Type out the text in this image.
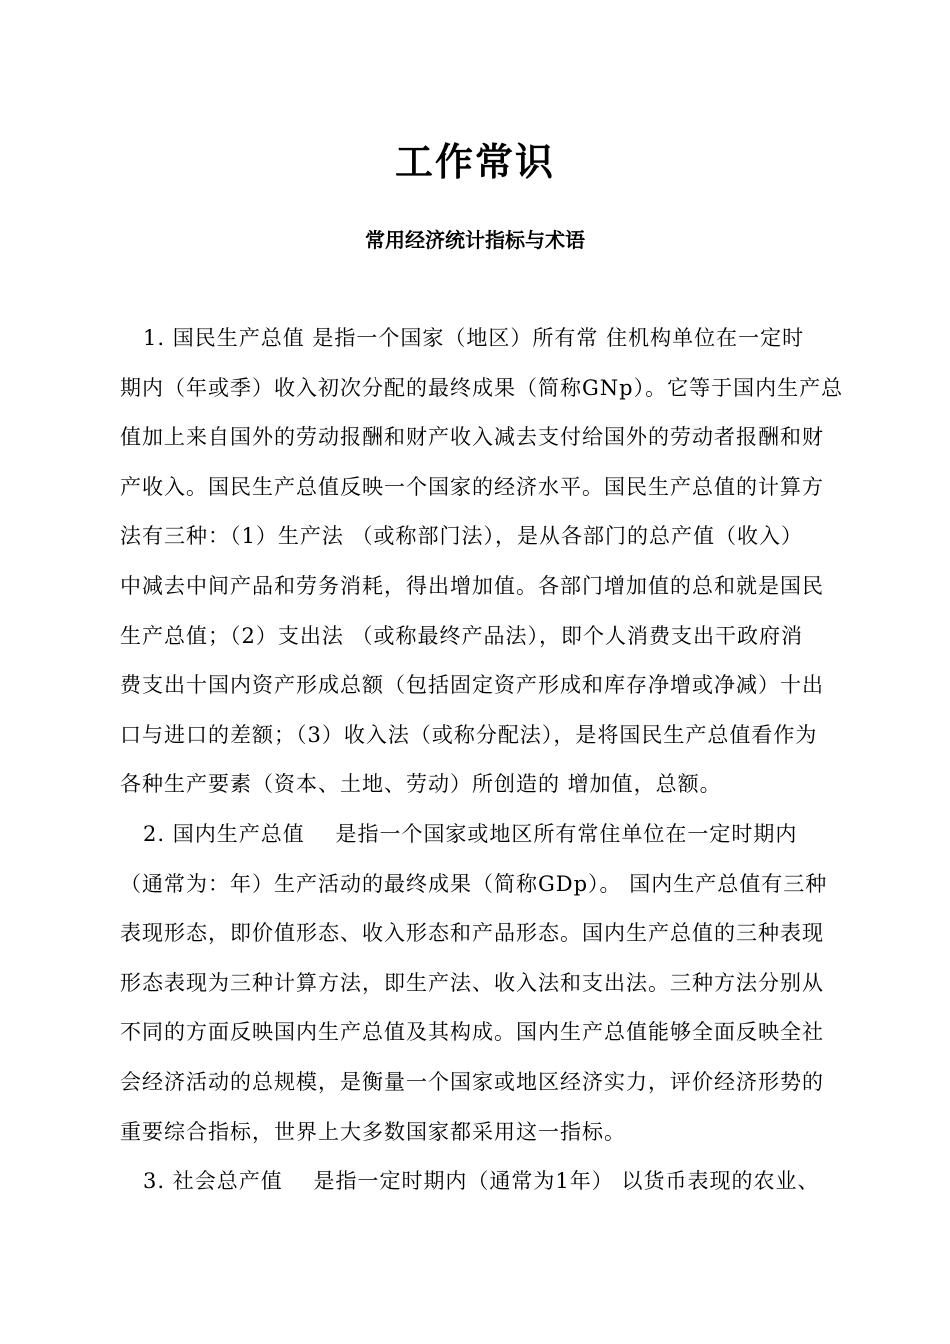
工作常识
常用经济统计指标与术语
1. 国民生产总值 是指一个国家（地区）所有常 住机构单位在一定时
期内（年或季）收入初次分配的最终成果（简称GNp）。它等于国内生产总
值加上来自国外的劳动报酬和财产收入减去支付给国外的劳动者报酬和财
产收入。国民生产总值反映一个国家的经济水平。国民生产总值的计算方
法有三种：（1）生产法 （或称部门法），是从各部门的总产值（收入）
中减去中间产品和劳务消耗，得出增加值。各部门增加值的总和就是国民
生产总值；（2）支出法 （或称最终产品法），即个人消费支出干政府消
费支出十国内资产形成总额（包括固定资产形成和库存净增或净减）十出
口与进口的差额；（3）收入法（或称分配法），是将国民生产总值看作为
各种生产要素（资本、土地、劳动）所创造的 增加值，总额。
2. 国内生产总值    是指一个国家或地区所有常住单位在一定时期内
（通常为：年）生产活动的最终成果（简称GDp）。 国内生产总值有三种
表现形态，即价值形态、收入形态和产品形态。国内生产总值的三种表现
形态表现为三种计算方法，即生产法、收入法和支出法。三种方法分别从
不同的方面反映国内生产总值及其构成。国内生产总值能够全面反映全社
会经济活动的总规模，是衡量一个国家或地区经济实力，评价经济形势的
重要综合指标，世界上大多数国家都采用这一指标。
3. 社会总产值    是指一定时期内（通常为1年） 以货币表现的农业、
